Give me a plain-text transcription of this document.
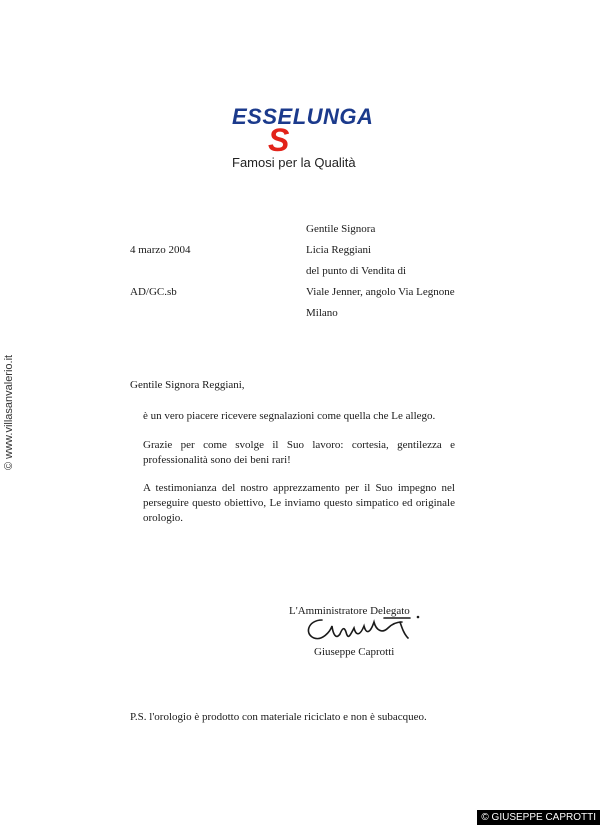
ESSELUNGA
S
Famosi per la Qualità
Gentile Signora
Licia Reggiani
del punto di Vendita di
Viale Jenner, angolo Via Legnone
Milano
4 marzo 2004
AD/GC.sb
Gentile Signora Reggiani,
è un vero piacere ricevere segnalazioni come quella che Le allego.
Grazie per come svolge il Suo lavoro: cortesia, gentilezza e professionalità sono dei beni rari!
A testimonianza del nostro apprezzamento per il Suo impegno nel perseguire questo obiettivo, Le inviamo questo simpatico ed originale orologio.
L'Amministratore Delegato
Giuseppe Caprotti
P.S. l'orologio è prodotto con materiale riciclato e non è subacqueo.
© www.villasanvalerio.it
© GIUSEPPE CAPROTTI
